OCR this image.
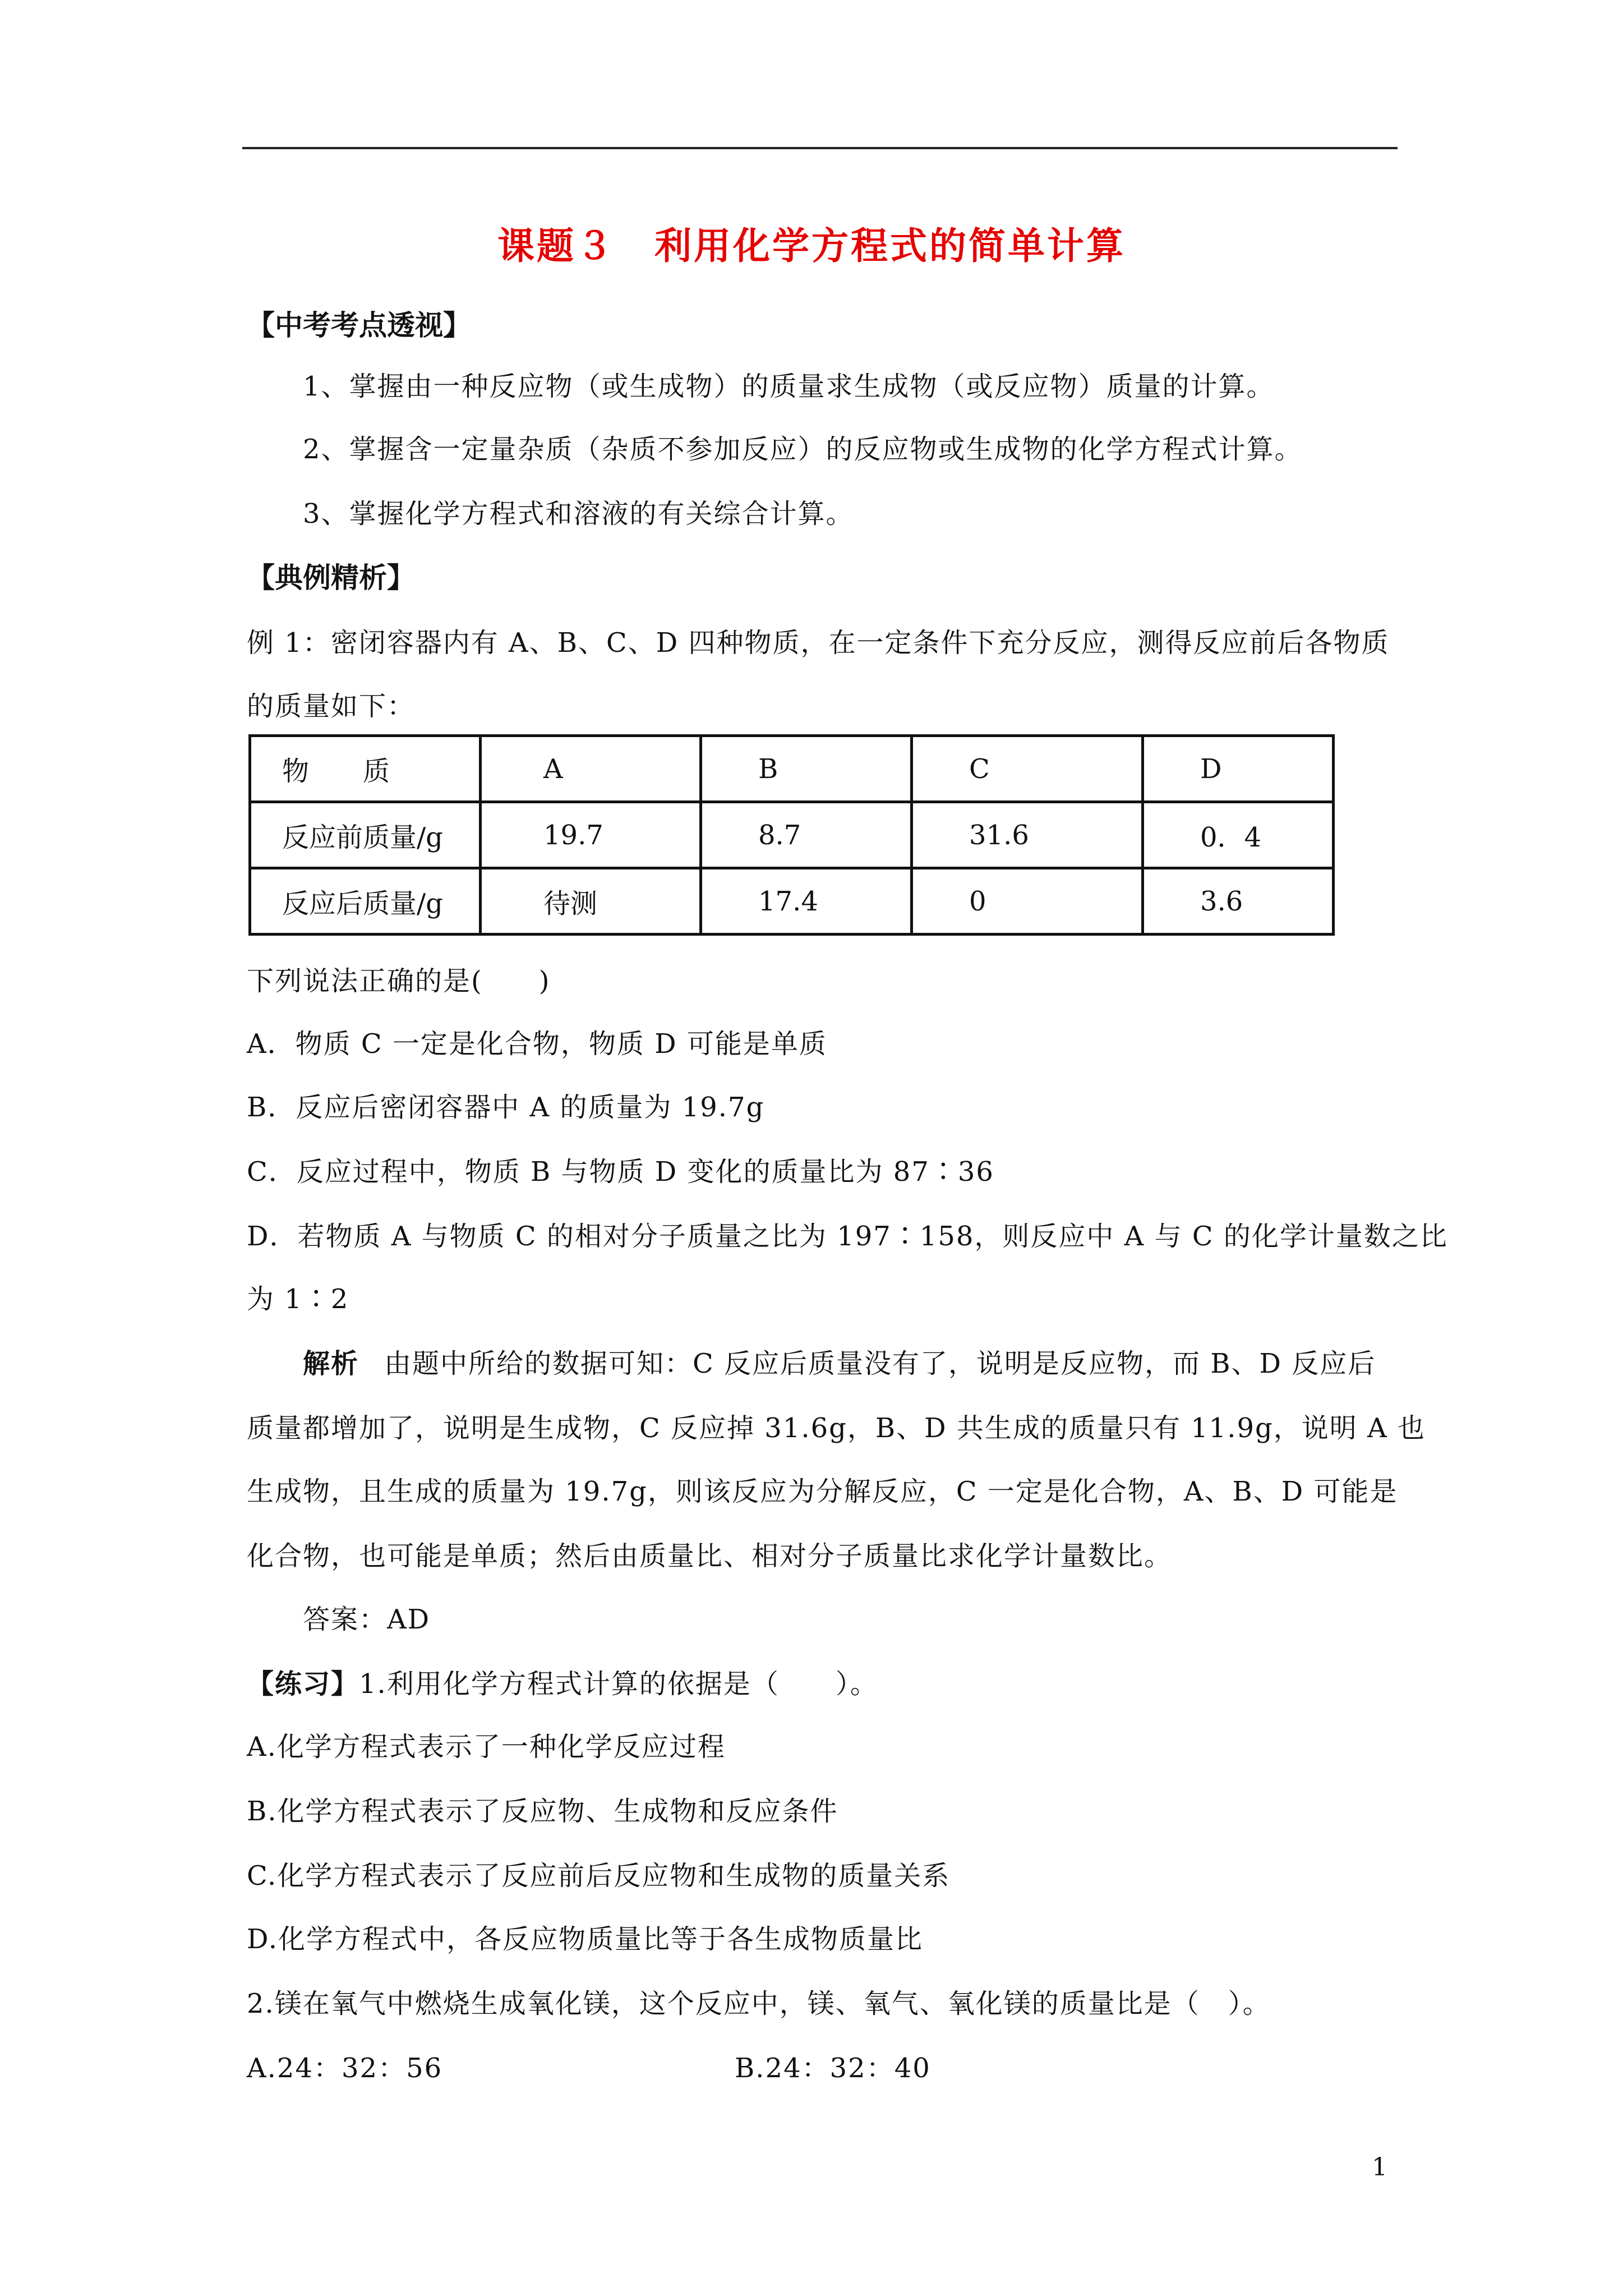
课题３　利用化学方程式的简单计算
【中考考点透视】
1、掌握由一种反应物（或生成物）的质量求生成物（或反应物）质量的计算。
2、掌握含一定量杂质（杂质不参加反应）的反应物或生成物的化学方程式计算。
3、掌握化学方程式和溶液的有关综合计算。
【典例精析】
例 1：密闭容器内有 A、B、C、D 四种物质，在一定条件下充分反应，测得反应前后各物质
的质量如下：
物　　质	A	B	C	D
反应前质量/g	19.7	8.7	31.6	0．4
反应后质量/g	待测	17.4	0	3.6
下列说法正确的是(　　)
A．物质 C 一定是化合物，物质 D 可能是单质
B．反应后密闭容器中 A 的质量为 19.7g
C．反应过程中，物质 B 与物质 D 变化的质量比为 87∶36
D．若物质 A 与物质 C 的相对分子质量之比为 197∶158，则反应中 A 与 C 的化学计量数之比
为 1∶2
解析 由题中所给的数据可知：C 反应后质量没有了，说明是反应物，而 B、D 反应后
质量都增加了，说明是生成物，C 反应掉 31.6g，B、D 共生成的质量只有 11.9g，说明 A 也
生成物，且生成的质量为 19.7g，则该反应为分解反应，C 一定是化合物，A、B、D 可能是
化合物，也可能是单质；然后由质量比、相对分子质量比求化学计量数比。
答案：AD
【练习】1.利用化学方程式计算的依据是（　　）。
A.化学方程式表示了一种化学反应过程
B.化学方程式表示了反应物、生成物和反应条件
C.化学方程式表示了反应前后反应物和生成物的质量关系
D.化学方程式中，各反应物质量比等于各生成物质量比
2.镁在氧气中燃烧生成氧化镁，这个反应中，镁、氧气、氧化镁的质量比是（　）。
A.24：32：56	B.24：32：40
1
